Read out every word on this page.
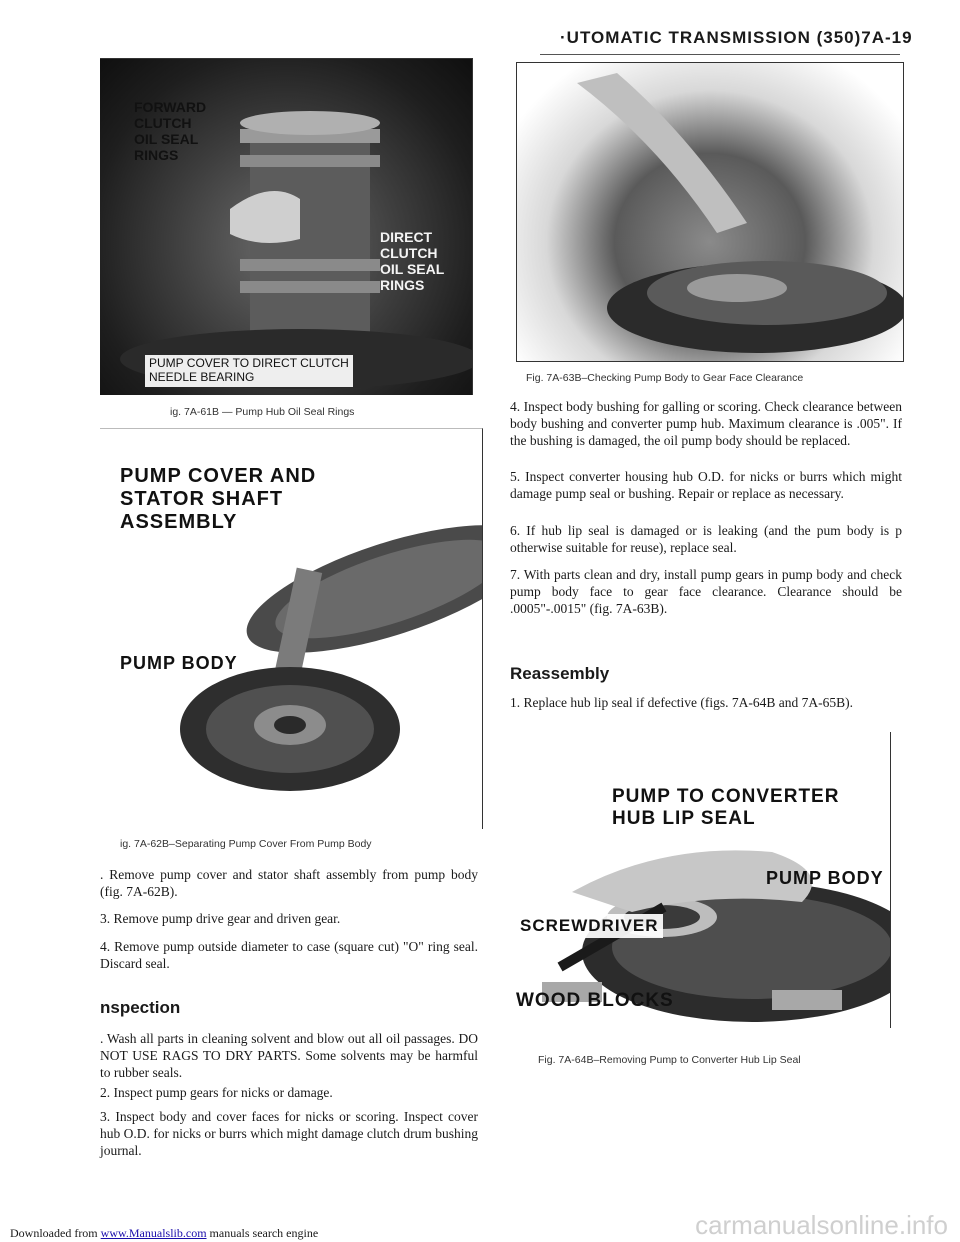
·UTOMATIC TRANSMISSION (350)7A-19
FORWARD
CLUTCH
OIL SEAL
RINGS
DIRECT
CLUTCH
OIL SEAL
RINGS
PUMP COVER TO DIRECT CLUTCH
NEEDLE BEARING
ig. 7A-61B — Pump Hub Oil Seal Rings
PUMP COVER AND
STATOR SHAFT
ASSEMBLY
PUMP BODY
ig. 7A-62B–Separating Pump Cover From Pump Body
. Remove pump cover and stator shaft assembly from pump body (fig. 7A-62B).
3. Remove pump drive gear and driven gear.
4. Remove pump outside diameter to case (square cut) "O" ring seal. Discard seal.
nspection
. Wash all parts in cleaning solvent and blow out all oil passages. DO NOT USE RAGS TO DRY PARTS. Some solvents may be harmful to rubber seals.
2. Inspect pump gears for nicks or damage.
3. Inspect body and cover faces for nicks or scoring. Inspect cover hub O.D. for nicks or burrs which might damage clutch drum bushing journal.
Fig. 7A-63B–Checking Pump Body to Gear Face Clearance
4. Inspect body bushing for galling or scoring. Check clearance between body bushing and converter pump hub. Maximum clearance is .005". If the bushing is damaged, the oil pump body should be replaced.
5. Inspect converter housing hub O.D. for nicks or burrs which might damage pump seal or bushing. Repair or replace as necessary.
6. If hub lip seal is damaged or is leaking (and the pum body is p otherwise suitable for reuse), replace seal.
7. With parts clean and dry, install pump gears in pump body and check pump body face to gear face clearance. Clearance should be .0005"-.0015" (fig. 7A-63B).
Reassembly
1. Replace hub lip seal if defective (figs. 7A-64B and 7A-65B).
PUMP TO CONVERTER
HUB LIP SEAL
PUMP BODY
SCREWDRIVER
WOOD BLOCKS
Fig. 7A-64B–Removing Pump to Converter Hub Lip Seal
Downloaded from www.Manualslib.com manuals search engine	carmanualsonline.info
